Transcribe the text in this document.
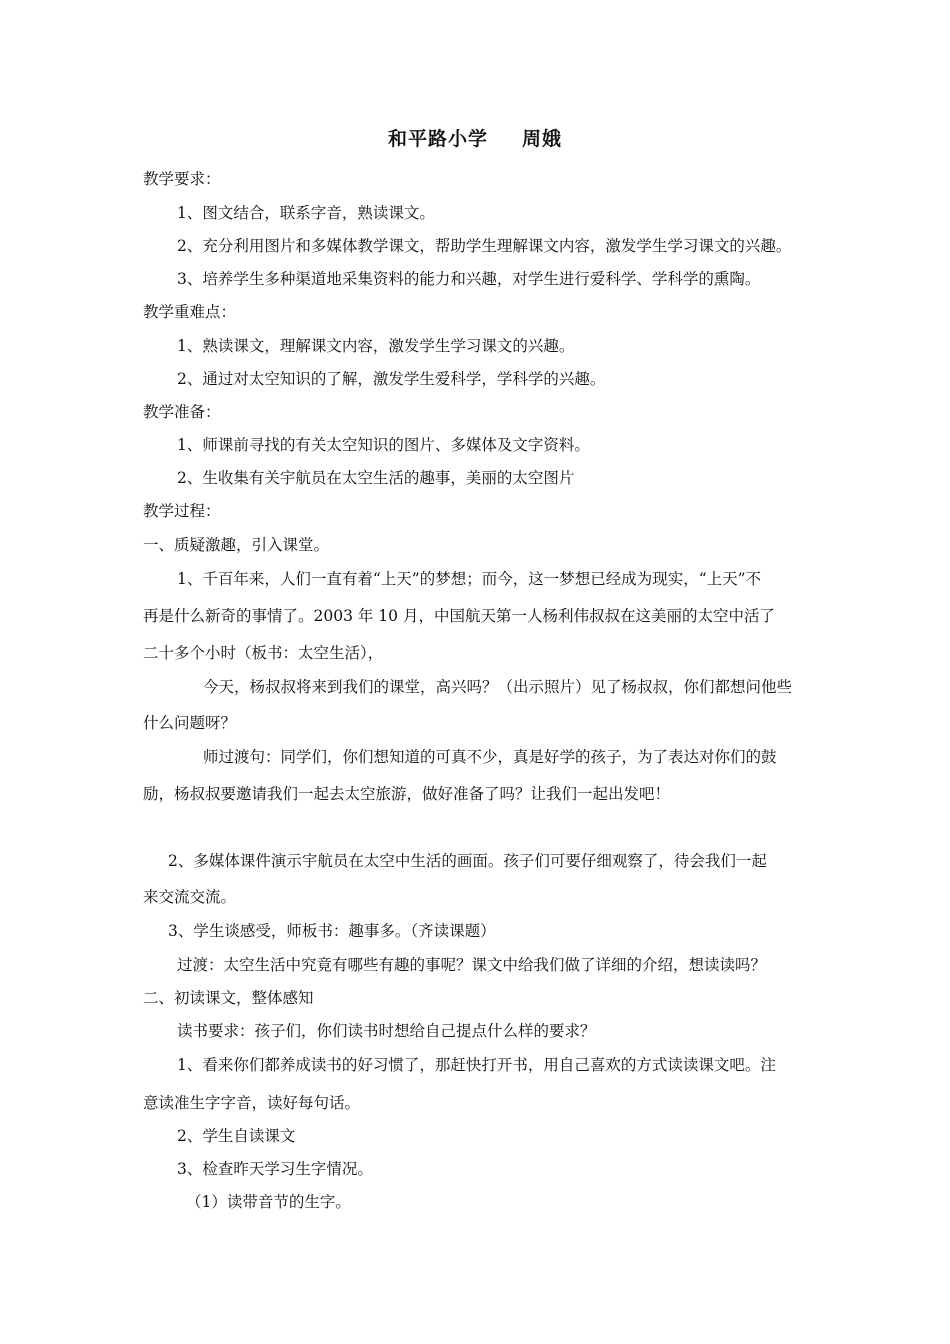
和平路小学 周娥
教学要求：
1、图文结合，联系字音，熟读课文。
2、充分利用图片和多媒体教学课文，帮助学生理解课文内容，激发学生学习课文的兴趣。
3、培养学生多种渠道地采集资料的能力和兴趣，对学生进行爱科学、学科学的熏陶。
教学重难点：
1、熟读课文，理解课文内容，激发学生学习课文的兴趣。
2、通过对太空知识的了解，激发学生爱科学，学科学的兴趣。
教学准备：
1、师课前寻找的有关太空知识的图片、多媒体及文字资料。
2、生收集有关宇航员在太空生活的趣事，美丽的太空图片
教学过程：
一、质疑激趣，引入课堂。
1、千百年来，人们一直有着“上天”的梦想；而今，这一梦想已经成为现实，“上天”不
再是什么新奇的事情了。2003 年 10 月，中国航天第一人杨利伟叔叔在这美丽的太空中活了
二十多个小时（板书：太空生活），
今天，杨叔叔将来到我们的课堂，高兴吗？（出示照片）见了杨叔叔，你们都想问他些
什么问题呀？
师过渡句：同学们，你们想知道的可真不少，真是好学的孩子，为了表达对你们的鼓
励，杨叔叔要邀请我们一起去太空旅游，做好准备了吗？让我们一起出发吧！
2、多媒体课件演示宇航员在太空中生活的画面。孩子们可要仔细观察了，待会我们一起
来交流交流。
3、学生谈感受，师板书：趣事多。（齐读课题）
过渡：太空生活中究竟有哪些有趣的事呢？课文中给我们做了详细的介绍，想读读吗？
二、初读课文，整体感知
读书要求：孩子们，你们读书时想给自己提点什么样的要求？
1、看来你们都养成读书的好习惯了，那赶快打开书，用自己喜欢的方式读读课文吧。注
意读准生字字音，读好每句话。
2、学生自读课文
3、检查昨天学习生字情况。
（1）读带音节的生字。
